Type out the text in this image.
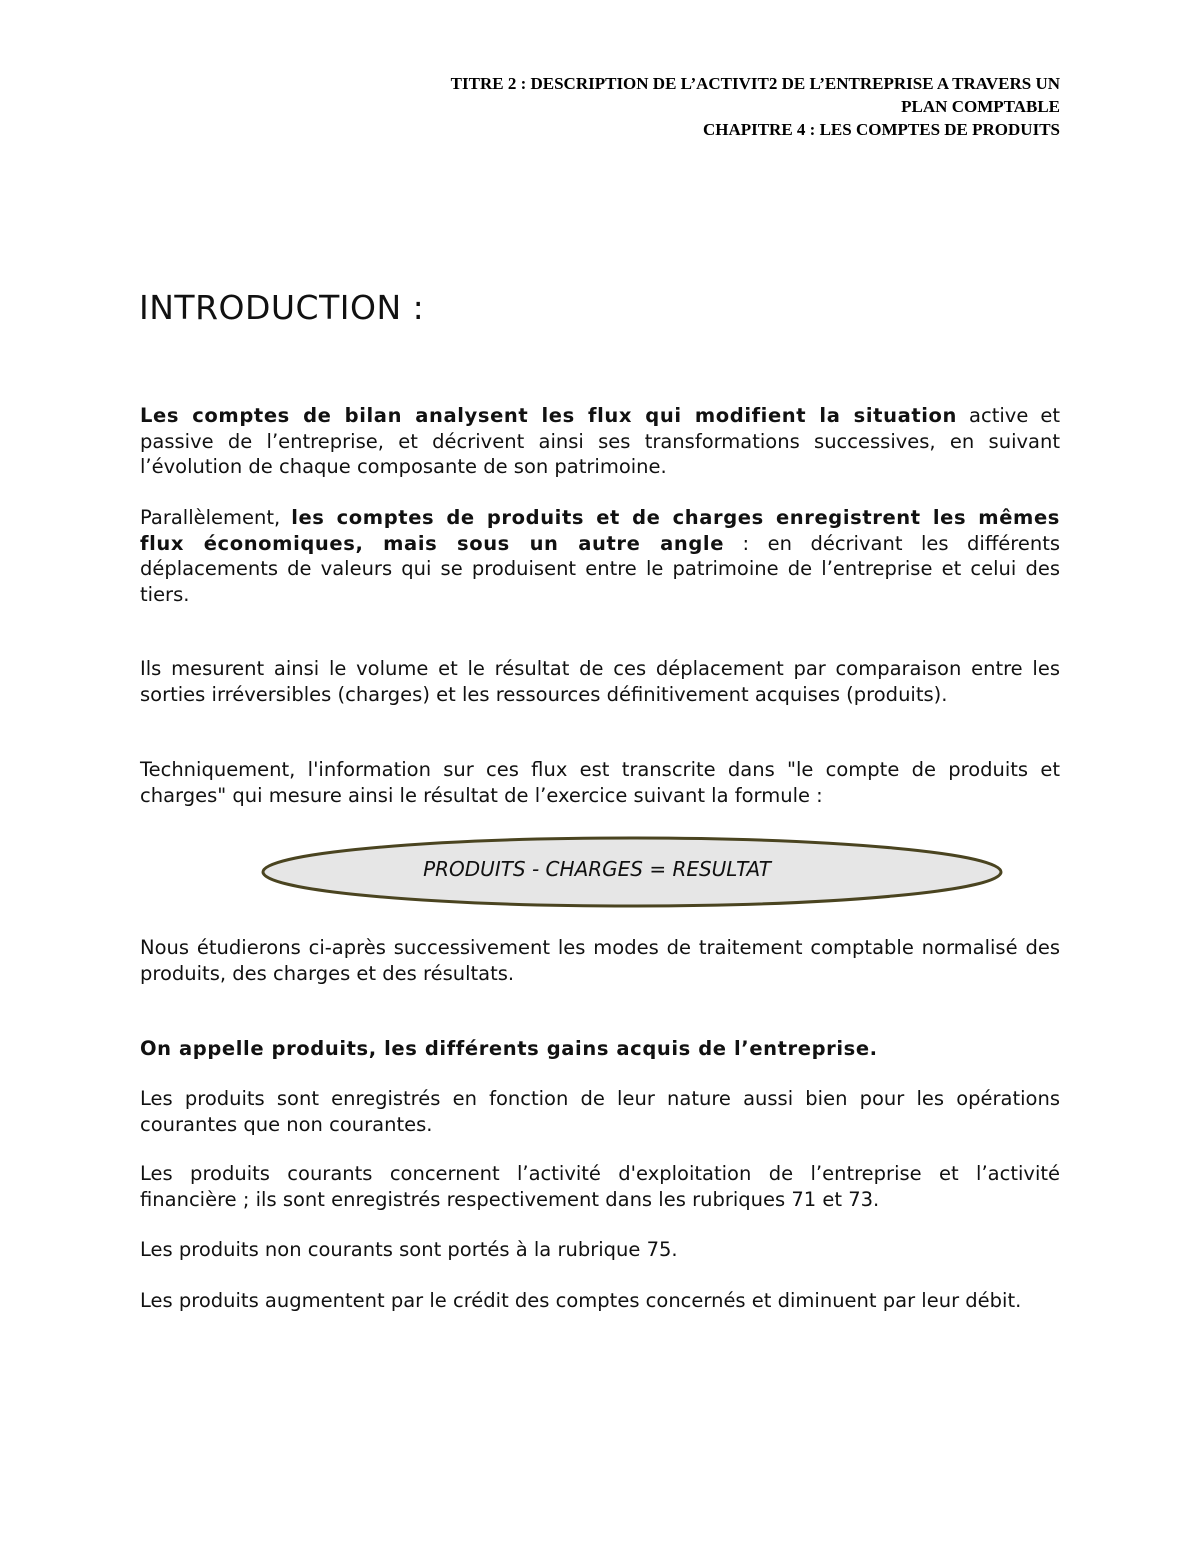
TITRE 2 : DESCRIPTION DE L’ACTIVIT2 DE L’ENTREPRISE A TRAVERS UN
PLAN COMPTABLE
CHAPITRE 4 : LES COMPTES DE PRODUITS
INTRODUCTION :

Les comptes de bilan analysent les flux qui modifient la situation active et passive de l’entreprise, et décrivent ainsi ses transformations successives, en suivant l’évolution de chaque composante de son patrimoine.

Parallèlement, les comptes de produits et de charges enregistrent les mêmes flux économiques, mais sous un autre angle : en décrivant les différents déplacements de valeurs qui se produisent entre le patrimoine de l’entreprise et celui des tiers.

Ils mesurent ainsi le volume et le résultat de ces déplacement par comparaison entre les sorties irréversibles (charges) et les ressources définitivement acquises (produits).

Techniquement, l'information sur ces flux est transcrite dans "le compte de produits et charges" qui mesure ainsi le résultat de l’exercice suivant la formule :

PRODUITS - CHARGES = RESULTAT

Nous étudierons ci-après successivement les modes de traitement comptable normalisé des produits, des charges et des résultats.

On appelle produits, les différents gains acquis de l’entreprise.

Les produits sont enregistrés en fonction de leur nature aussi bien pour les opérations courantes que non courantes.

Les produits courants concernent l’activité d'exploitation de l’entreprise et l’activité financière ; ils sont enregistrés respectivement dans les rubriques 71 et 73.

Les produits non courants sont portés à la rubrique 75.

Les produits augmentent par le crédit des comptes concernés et diminuent par leur débit.
